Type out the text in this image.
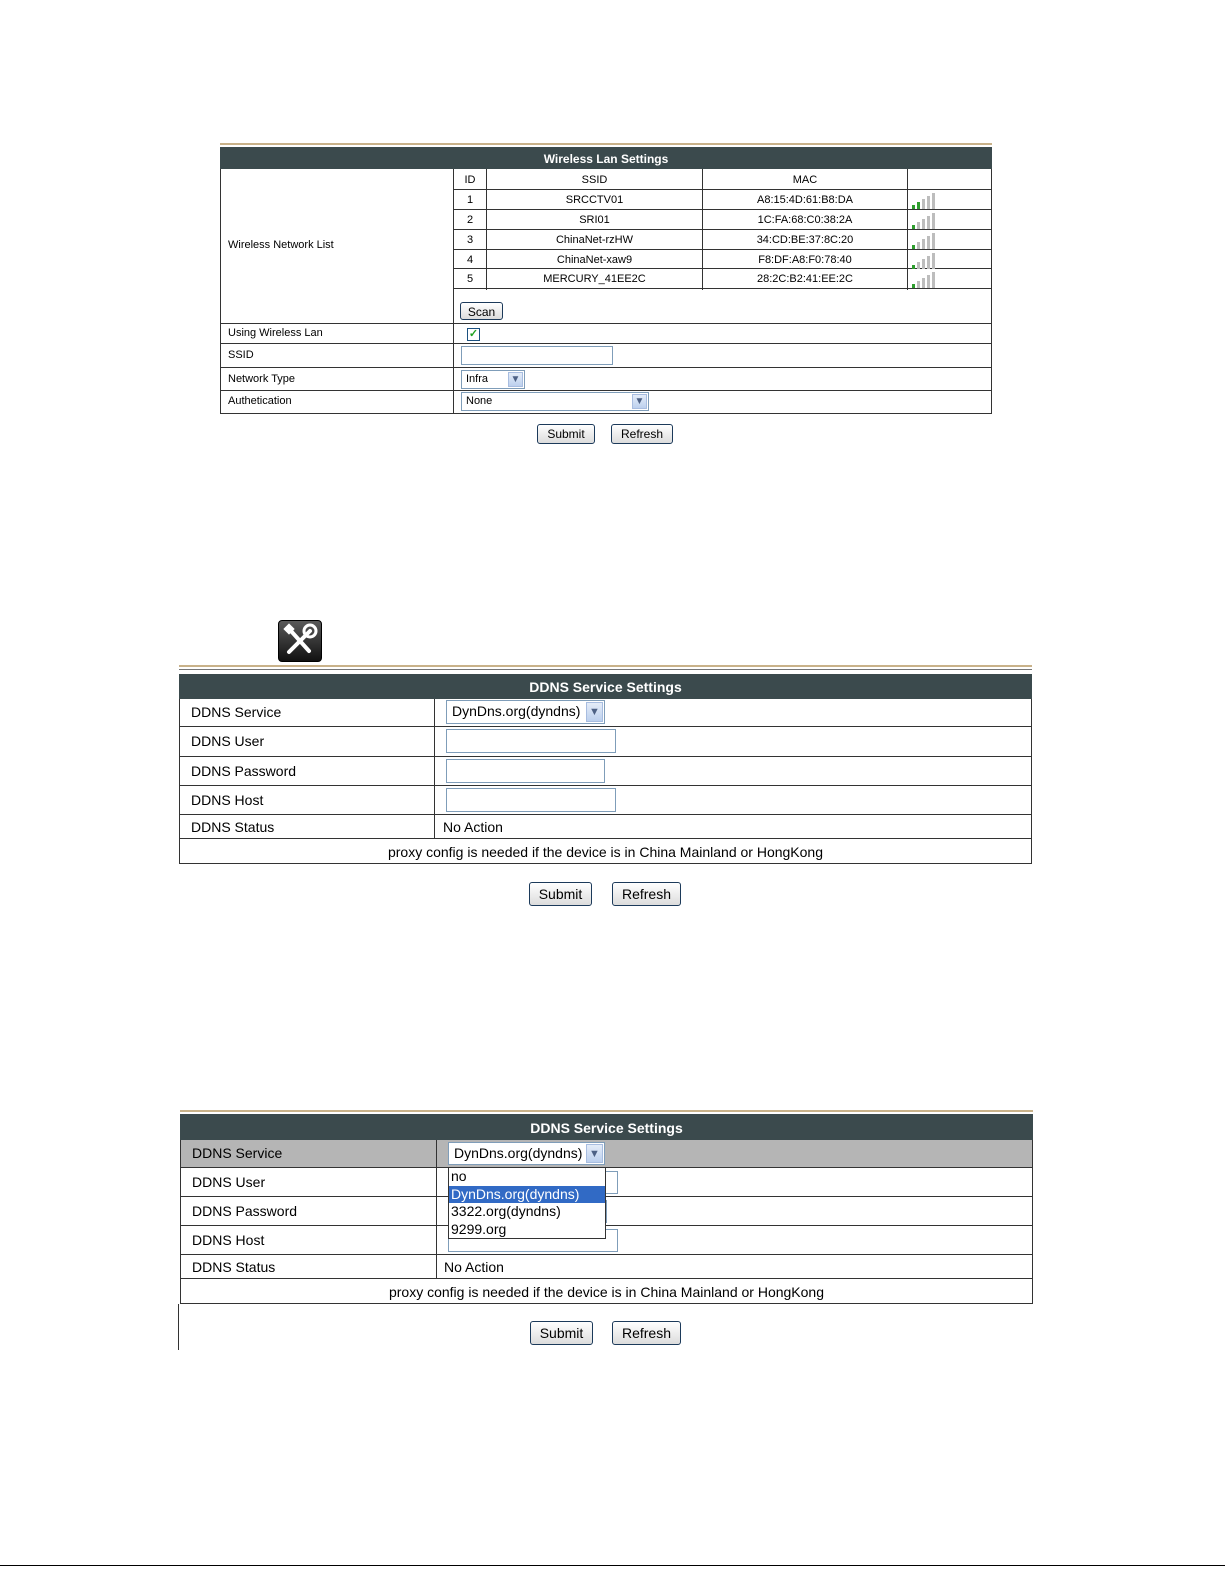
Wireless Lan Settings
Wireless Network List
ID	SSID	MAC
1	SRCCTV01	A8:15:4D:61:B8:DA
2	SRI01	1C:FA:68:C0:38:2A
3	ChinaNet-rzHW	34:CD:BE:37:8C:20
4	ChinaNet-xaw9	F8:DF:A8:F0:78:40
5	MERCURY_41EE2C	28:2C:B2:41:EE:2C
Scan
Using Wireless Lan	✓
SSID
Network Type	Infra ▼
Authetication	None	▼
Submit	Refresh
DDNS Service Settings
DDNS Service	DynDns.org(dyndns) ▼
DDNS User
DDNS Password
DDNS Host
DDNS Status	No Action
proxy config is needed if the device is in China Mainland or HongKong
Submit	Refresh
DDNS Service Settings
DDNS Service	DynDns.org(dyndns) ▼
DDNS User
DDNS Password
DDNS Host
DDNS Status	No Action
proxy config is needed if the device is in China Mainland or HongKong
no
DynDns.org(dyndns)
3322.org(dyndns)
9299.org
Submit	Refresh
